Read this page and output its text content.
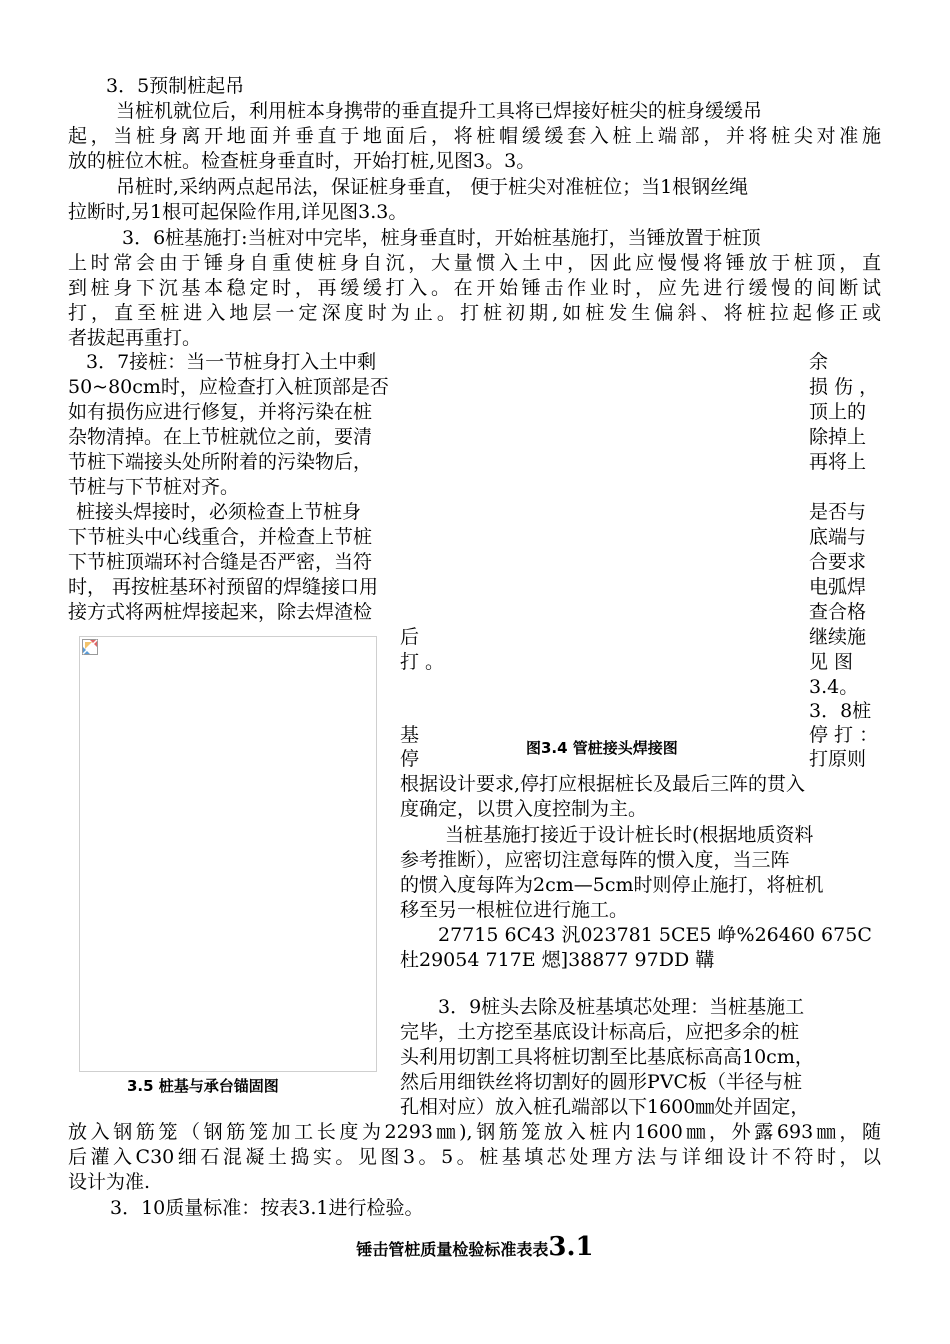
3．5预制桩起吊
当桩机就位后，利用桩本身携带的垂直提升工具将已焊接好桩尖的桩身缓缓吊
起，当桩身离开地面并垂直于地面后，将桩帽缓缓套入桩上端部，并将桩尖对准施
放的桩位木桩。检查桩身垂直时，开始打桩,见图3。3。
吊桩时,采纳两点起吊法，保证桩身垂直， 便于桩尖对准桩位；当1根钢丝绳
拉断时,另1根可起保险作用,详见图3.3。
3．6桩基施打:当桩对中完毕，桩身垂直时，开始桩基施打，当锤放置于桩顶
上时常会由于锤身自重使桩身自沉，大量惯入土中，因此应慢慢将锤放于桩顶，直
到桩身下沉基本稳定时，再缓缓打入。在开始锤击作业时，应先进行缓慢的间断试
打，直至桩进入地层一定深度时为止。打桩初期,如桩发生偏斜、将桩拉起修正或
者拔起再重打。
3．7接桩：当一节桩身打入土中剩
50~80cm时，应检查打入桩顶部是否
如有损伤应进行修复，并将污染在桩
杂物清掉。在上节桩就位之前，要清
节桩下端接头处所附着的污染物后，
节桩与下节桩对齐。
桩接头焊接时，必须检查上节桩身
下节桩头中心线重合，并检查上节桩
下节桩顶端环衬合缝是否严密，当符
时， 再按桩基环衬预留的焊缝接口用
接方式将两桩焊接起来，除去焊渣检
余
损 伤 ，
顶上的
除掉上
再将上
是否与
底端与
合要求
电弧焊
查合格
继续施
见 图
3.4。
3．8桩
停 打 ：
打原则
后
打 。
基
停	图3.4 管桩接头焊接图
3.5 桩基与承台锚固图
根据设计要求,停打应根据桩长及最后三阵的贯入
度确定，以贯入度控制为主。
当桩基施打接近于设计桩长时(根据地质资料
参考推断），应密切注意每阵的惯入度，当三阵
的惯入度每阵为2cm—5cm时则停止施打，将桩机
移至另一根桩位进行施工。
27715 6C43 汎023781 5CE5 峥%26460 675C
杜29054 717E 煾]38877 97DD 鞲
3．9桩头去除及桩基填芯处理：当桩基施工
完毕，土方挖至基底设计标高后，应把多余的桩
头利用切割工具将桩切割至比基底标高高10cm，
然后用细铁丝将切割好的圆形PVC板（半径与桩
孔相对应）放入桩孔端部以下1600㎜处并固定，
放入钢筋笼（钢筋笼加工长度为2293㎜),钢筋笼放入桩内1600㎜，外露693㎜，随
后灌入C30细石混凝土捣实。见图3。5。桩基填芯处理方法与详细设计不符时，以
设计为准.
3．10质量标准：按表3.1进行检验。
锤击管桩质量检验标准表表3.1
